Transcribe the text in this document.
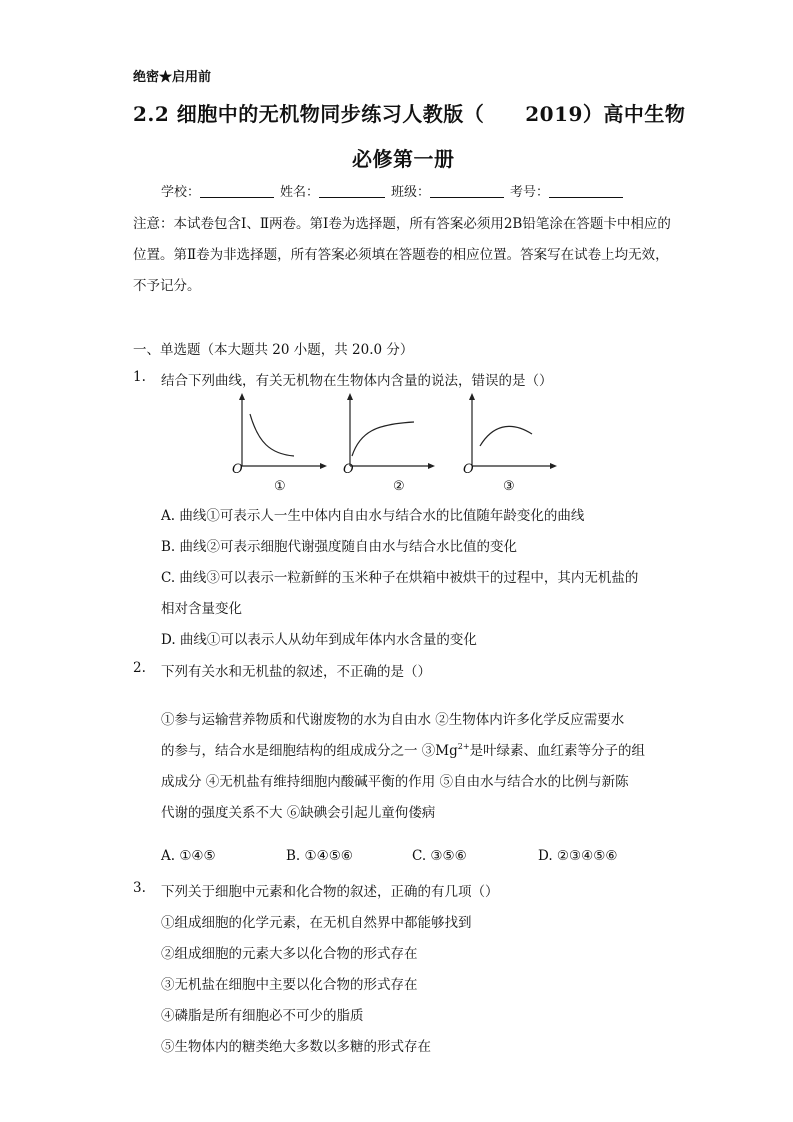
绝密★启用前
2.2 细胞中的无机物同步练习人教版（　　2019）高中生物
必修第一册
学校：	姓名：	班级：	考号：
注意：本试卷包含Ⅰ、Ⅱ两卷。第Ⅰ卷为选择题，所有答案必须用2B铅笔涂在答题卡中相应的位置。第Ⅱ卷为非选择题，所有答案必须填在答题卷的相应位置。答案写在试卷上均无效，不予记分。
一、单选题（本大题共 20 小题，共 20.0 分）
1. 结合下列曲线，有关无机物在生物体内含量的说法，错误的是（）
O
①
O
②
O
③
A. 曲线①可表示人一生中体内自由水与结合水的比值随年龄变化的曲线
B. 曲线②可表示细胞代谢强度随自由水与结合水比值的变化
C. 曲线③可以表示一粒新鲜的玉米种子在烘箱中被烘干的过程中，其内无机盐的
相对含量变化
D. 曲线①可以表示人从幼年到成年体内水含量的变化
2. 下列有关水和无机盐的叙述，不正确的是（）
①参与运输营养物质和代谢废物的水为自由水 ②生物体内许多化学反应需要水
的参与，结合水是细胞结构的组成成分之一 $③Mg^{2+}$是叶绿素、血红素等分子的组
成成分 ④无机盐有维持细胞内酸碱平衡的作用 ⑤自由水与结合水的比例与新陈
代谢的强度关系不大 ⑥缺碘会引起儿童佝偻病
A. ①④⑤	B. ①④⑤⑥	C. ③⑤⑥	D. ②③④⑤⑥
3. 下列关于细胞中元素和化合物的叙述，正确的有几项（）
①组成细胞的化学元素，在无机自然界中都能够找到
②组成细胞的元素大多以化合物的形式存在
③无机盐在细胞中主要以化合物的形式存在
④磷脂是所有细胞必不可少的脂质
⑤生物体内的糖类绝大多数以多糖的形式存在
